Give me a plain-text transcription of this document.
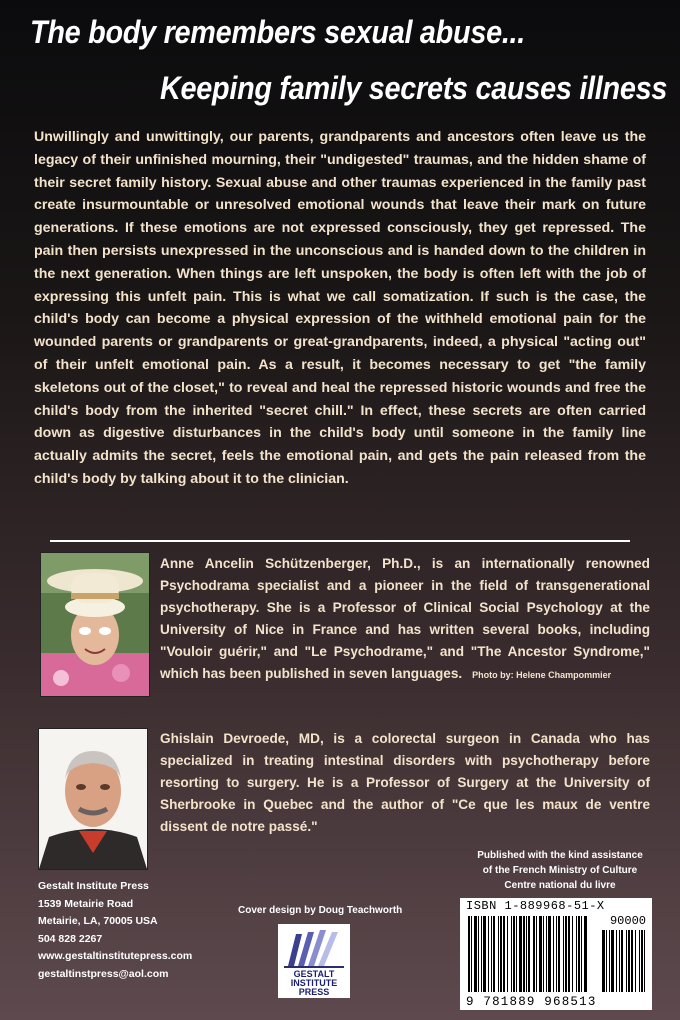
The body remembers sexual abuse...
Keeping family secrets causes illness
Unwillingly and unwittingly, our parents, grandparents and ancestors often leave us the legacy of their unfinished mourning, their "undigested" traumas, and the hidden shame of their secret family history. Sexual abuse and other traumas experienced in the family past create insurmountable or unresolved emotional wounds that leave their mark on future generations. If these emotions are not expressed consciously, they get repressed. The pain then persists unexpressed in the unconscious and is handed down to the children in the next generation. When things are left unspoken, the body is often left with the job of expressing this unfelt pain. This is what we call somatization. If such is the case, the child's body can become a physical expression of the withheld emotional pain for the wounded parents or grandparents or great-grandparents, indeed, a physical "acting out" of their unfelt emotional pain. As a result, it becomes necessary to get "the family skeletons out of the closet," to reveal and heal the repressed historic wounds and free the child's body from the inherited "secret chill." In effect, these secrets are often carried down as digestive disturbances in the child's body until someone in the family line actually admits the secret, feels the emotional pain, and gets the pain released from the child's body by talking about it to the clinician.
Anne Ancelin Schützenberger, Ph.D., is an internationally renowned Psychodrama specialist and a pioneer in the field of transgenerational psychotherapy. She is a Professor of Clinical Social Psychology at the University of Nice in France and has written several books, including "Vouloir guérir," and "Le Psychodrame," and "The Ancestor Syndrome," which has been published in seven languages. Photo by: Helene Champommier
Ghislain Devroede, MD, is a colorectal surgeon in Canada who has specialized in treating intestinal disorders with psychotherapy before resorting to surgery. He is a Professor of Surgery at the University of Sherbrooke in Quebec and the author of "Ce que les maux de ventre dissent de notre passé."
Gestalt Institute Press
1539 Metairie Road
Metairie, LA, 70005 USA
504 828 2267
www.gestaltinstitutepress.com
gestaltinstpress@aol.com
Cover design by Doug Teachworth
GESTALT
INSTITUTE
PRESS
Published with the kind assistance
of the French Ministry of Culture
Centre national du livre
ISBN 1-889968-51-X
90000
9 781889 968513
